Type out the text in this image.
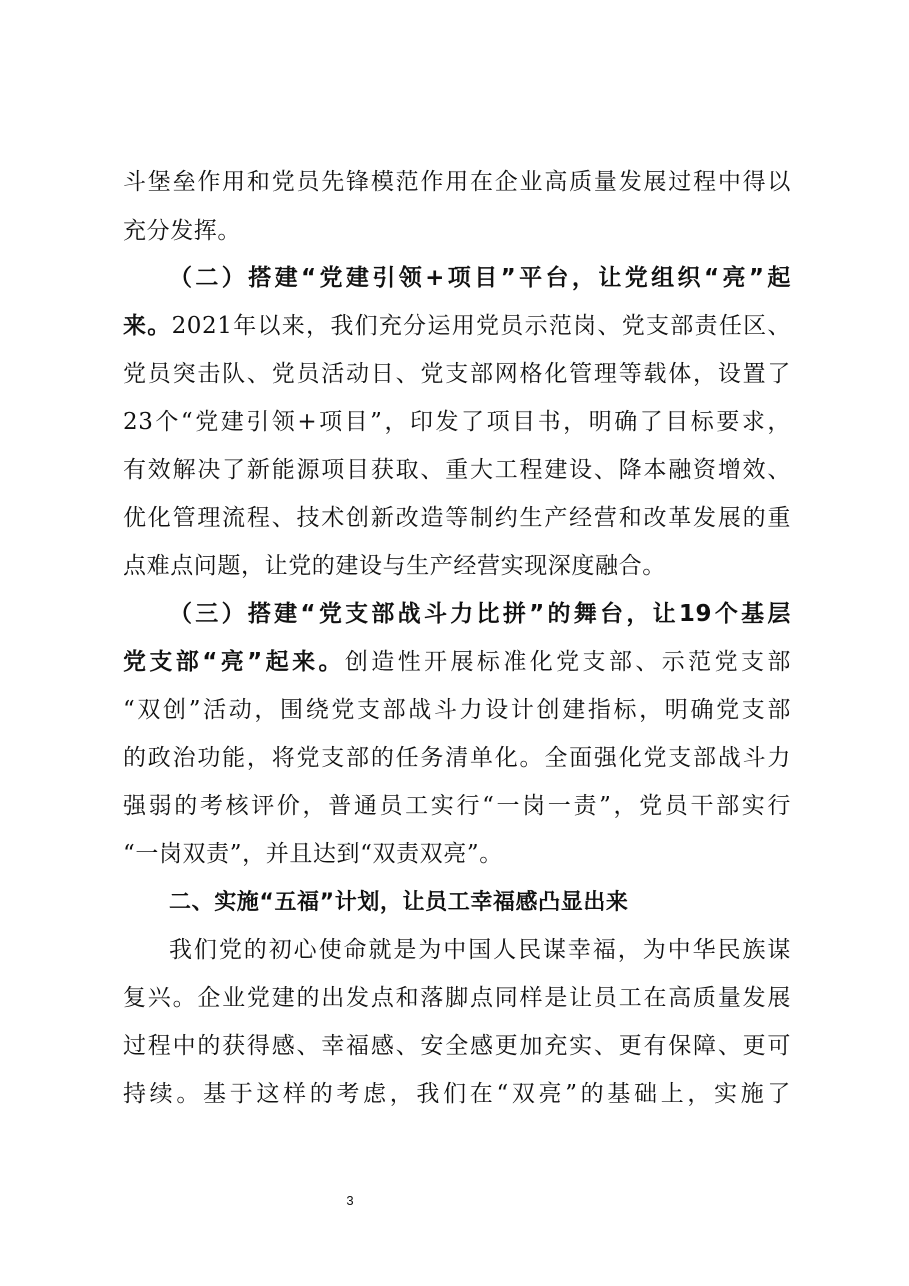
斗堡垒作用和党员先锋模范作用在企业高质量发展过程中得以
充分发挥。
（二）搭建“党建引领+项目”平台，让党组织“亮”起
来。2021年以来，我们充分运用党员示范岗、党支部责任区、
党员突击队、党员活动日、党支部网格化管理等载体，设置了
23个“党建引领+项目”，印发了项目书，明确了目标要求，
有效解决了新能源项目获取、重大工程建设、降本融资增效、
优化管理流程、技术创新改造等制约生产经营和改革发展的重
点难点问题，让党的建设与生产经营实现深度融合。
（三）搭建“党支部战斗力比拼”的舞台，让19个基层
党支部“亮”起来。创造性开展标准化党支部、示范党支部
“双创”活动，围绕党支部战斗力设计创建指标，明确党支部
的政治功能，将党支部的任务清单化。全面强化党支部战斗力
强弱的考核评价，普通员工实行“一岗一责”，党员干部实行
“一岗双责”，并且达到“双责双亮”。
二、实施“五福”计划，让员工幸福感凸显出来
我们党的初心使命就是为中国人民谋幸福，为中华民族谋
复兴。企业党建的出发点和落脚点同样是让员工在高质量发展
过程中的获得感、幸福感、安全感更加充实、更有保障、更可
持续。基于这样的考虑，我们在“双亮”的基础上，实施了
3
